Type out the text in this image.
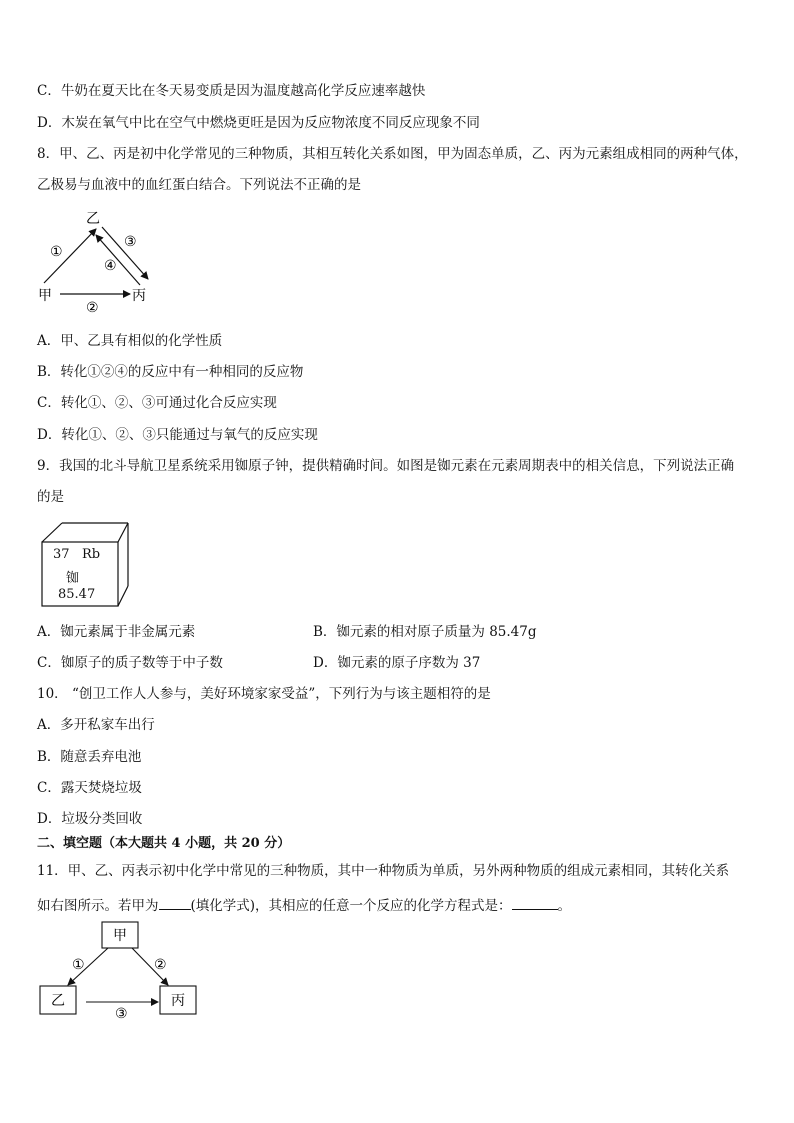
C．牛奶在夏天比在冬天易变质是因为温度越高化学反应速率越快
D．木炭在氧气中比在空气中燃烧更旺是因为反应物浓度不同反应现象不同
8．甲、乙、丙是初中化学常见的三种物质，其相互转化关系如图，甲为固态单质，乙、丙为元素组成相同的两种气体，
乙极易与血液中的血红蛋白结合。下列说法不正确的是
乙
甲	丙
①
③
④
②
A．甲、乙具有相似的化学性质
B．转化①②④的反应中有一种相同的反应物
C．转化①、②、③可通过化合反应实现
D．转化①、②、③只能通过与氧气的反应实现
9．我国的北斗导航卫星系统采用铷原子钟，提供精确时间。如图是铷元素在元素周期表中的相关信息，下列说法正确
的是
37 Rb
铷
85.47
A．铷元素属于非金属元素	B．铷元素的相对原子质量为 85.47g
C．铷原子的质子数等于中子数	D．铷元素的原子序数为 37
10． “创卫工作人人参与，美好环境家家受益”，下列行为与该主题相符的是
A．多开私家车出行
B．随意丢弃电池
C．露天焚烧垃圾
D．垃圾分类回收
二、填空题（本大题共 4 小题，共 20 分）
11．甲、乙、丙表示初中化学中常见的三种物质，其中一种物质为单质，另外两种物质的组成元素相同，其转化关系
如右图所示。若甲为 (填化学式)，其相应的任意一个反应的化学方程式是：	。
甲
乙	丙
①	②
③
